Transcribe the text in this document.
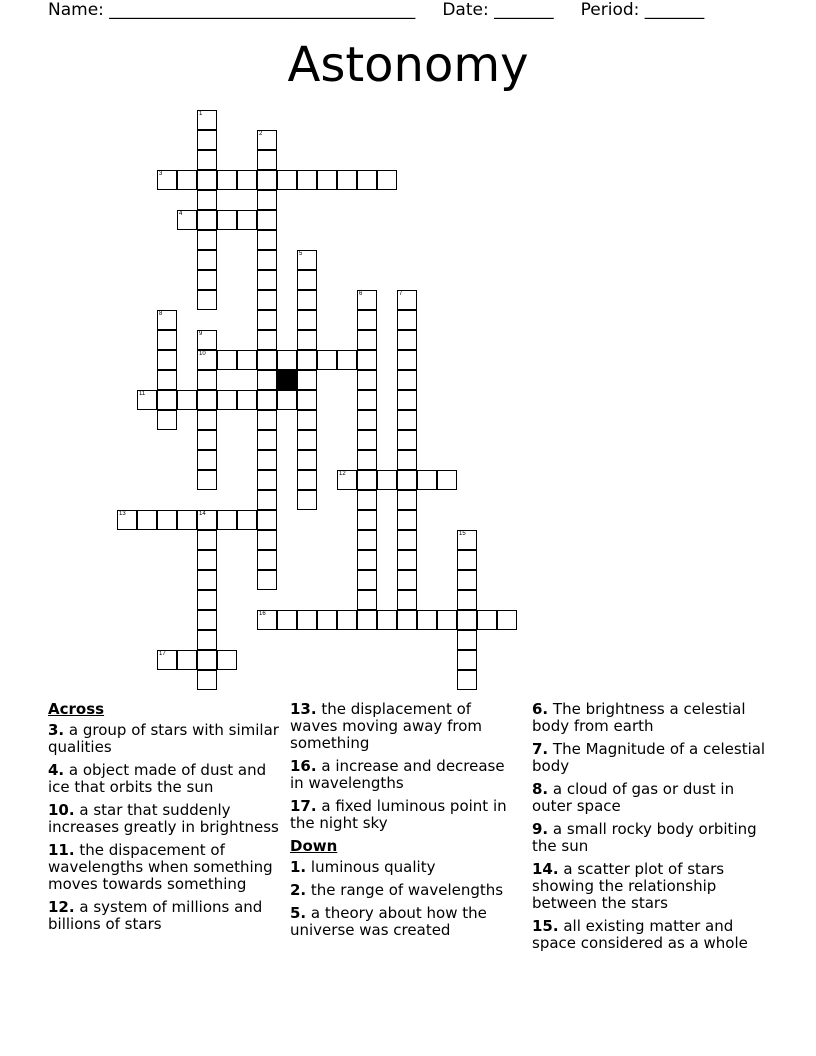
Name: ____________________________________ Date: _______ Period: _______
Astonomy
1
2
3
4
5
6	7
8
9
10
11
12
13	14
15
16
17
Across
3. a group of stars with similar qualities
4. a object made of dust and ice that orbits the sun
10. a star that suddenly increases greatly in brightness
11. the dispacement of wavelengths when something moves towards something
12. a system of millions and billions of stars
13. the displacement of waves moving away from something
16. a increase and decrease in wavelengths
17. a fixed luminous point in the night sky
Down
1. luminous quality
2. the range of wavelengths
5. a theory about how the universe was created
6. The brightness a celestial body from earth
7. The Magnitude of a celestial body
8. a cloud of gas or dust in outer space
9. a small rocky body orbiting the sun
14. a scatter plot of stars showing the relationship between the stars
15. all existing matter and space considered as a whole
